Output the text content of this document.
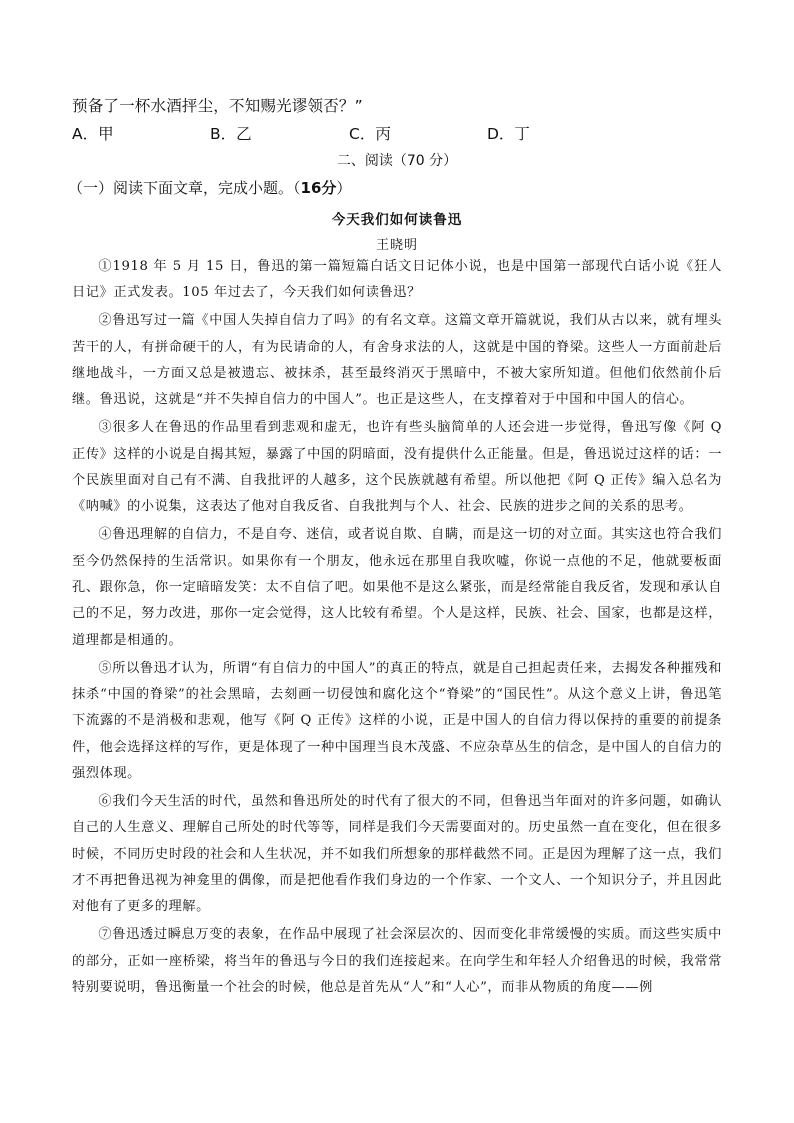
预备了一杯水酒抨尘，不知赐光谬领否？”
A．甲	B．乙	C．丙	D．丁
二、阅读（70 分）
（一）阅读下面文章，完成小题。（16分）
今天我们如何读鲁迅
王晓明

①1918 年 5 月 15 日，鲁迅的第一篇短篇白话文日记体小说，也是中国第一部现代白话小说《狂人日记》正式发表。105 年过去了，今天我们如何读鲁迅？

②鲁迅写过一篇《中国人失掉自信力了吗》的有名文章。这篇文章开篇就说，我们从古以来，就有埋头苦干的人，有拼命硬干的人，有为民请命的人，有舍身求法的人，这就是中国的脊梁。这些人一方面前赴后继地战斗，一方面又总是被遗忘、被抹杀，甚至最终消灭于黑暗中，不被大家所知道。但他们依然前仆后继。鲁迅说，这就是“并不失掉自信力的中国人”。也正是这些人，在支撑着对于中国和中国人的信心。

③很多人在鲁迅的作品里看到悲观和虚无，也许有些头脑简单的人还会进一步觉得，鲁迅写像《阿 Q 正传》这样的小说是自揭其短，暴露了中国的阴暗面，没有提供什么正能量。但是，鲁迅说过这样的话：一个民族里面对自己有不满、自我批评的人越多，这个民族就越有希望。所以他把《阿 Q 正传》编入总名为《呐喊》的小说集，这表达了他对自我反省、自我批判与个人、社会、民族的进步之间的关系的思考。

④鲁迅理解的自信力，不是自夸、迷信，或者说自欺、自瞒，而是这一切的对立面。其实这也符合我们至今仍然保持的生活常识。如果你有一个朋友，他永远在那里自我吹嘘，你说一点他的不足，他就要板面孔、跟你急，你一定暗暗发笑：太不自信了吧。如果他不是这么紧张，而是经常能自我反省，发现和承认自己的不足，努力改进，那你一定会觉得，这人比较有希望。个人是这样，民族、社会、国家，也都是这样，道理都是相通的。

⑤所以鲁迅才认为，所谓“有自信力的中国人”的真正的特点，就是自己担起责任来，去揭发各种摧残和抹杀“中国的脊梁”的社会黑暗，去刻画一切侵蚀和腐化这个“脊梁”的“国民性”。从这个意义上讲，鲁迅笔下流露的不是消极和悲观，他写《阿 Q 正传》这样的小说，正是中国人的自信力得以保持的重要的前提条件，他会选择这样的写作，更是体现了一种中国理当良木茂盛、不应杂草丛生的信念，是中国人的自信力的强烈体现。

⑥我们今天生活的时代，虽然和鲁迅所处的时代有了很大的不同，但鲁迅当年面对的许多问题，如确认自己的人生意义、理解自己所处的时代等等，同样是我们今天需要面对的。历史虽然一直在变化，但在很多时候，不同历史时段的社会和人生状况，并不如我们所想象的那样截然不同。正是因为理解了这一点，我们才不再把鲁迅视为神龛里的偶像，而是把他看作我们身边的一个作家、一个文人、一个知识分子，并且因此对他有了更多的理解。

⑦鲁迅透过瞬息万变的表象，在作品中展现了社会深层次的、因而变化非常缓慢的实质。而这些实质中的部分，正如一座桥梁，将当年的鲁迅与今日的我们连接起来。在向学生和年轻人介绍鲁迅的时候，我常常特别要说明，鲁迅衡量一个社会的时候，他总是首先从“人”和“人心”，而非从物质的角度——例
